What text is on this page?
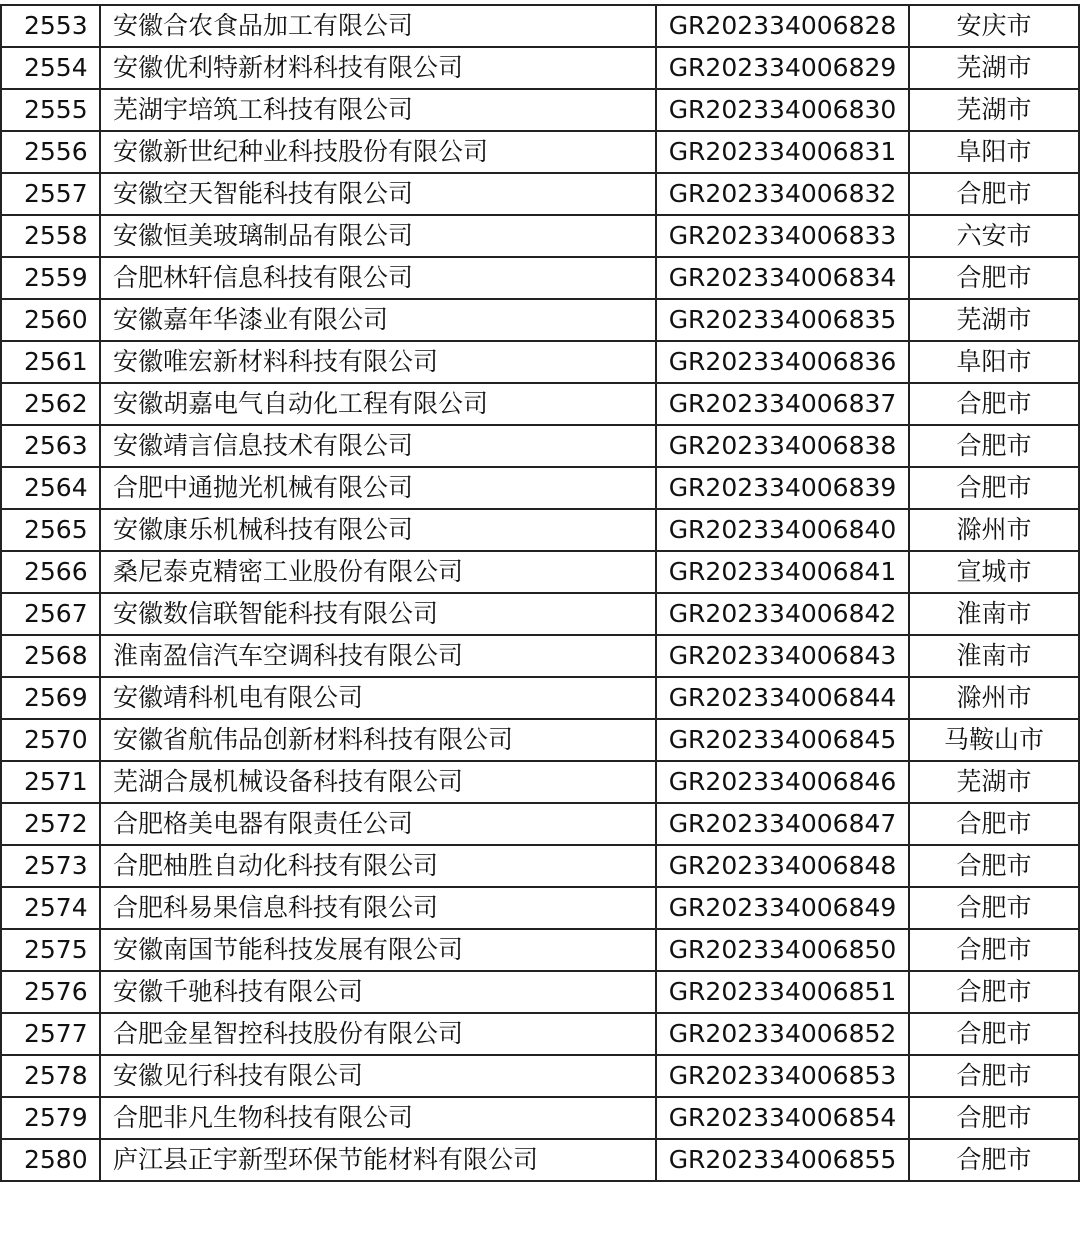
2553	安徽合农食品加工有限公司	GR202334006828	安庆市
2554	安徽优利特新材料科技有限公司	GR202334006829	芜湖市
2555	芜湖宇培筑工科技有限公司	GR202334006830	芜湖市
2556	安徽新世纪种业科技股份有限公司	GR202334006831	阜阳市
2557	安徽空天智能科技有限公司	GR202334006832	合肥市
2558	安徽恒美玻璃制品有限公司	GR202334006833	六安市
2559	合肥林轩信息科技有限公司	GR202334006834	合肥市
2560	安徽嘉年华漆业有限公司	GR202334006835	芜湖市
2561	安徽唯宏新材料科技有限公司	GR202334006836	阜阳市
2562	安徽胡嘉电气自动化工程有限公司	GR202334006837	合肥市
2563	安徽靖言信息技术有限公司	GR202334006838	合肥市
2564	合肥中通抛光机械有限公司	GR202334006839	合肥市
2565	安徽康乐机械科技有限公司	GR202334006840	滁州市
2566	桑尼泰克精密工业股份有限公司	GR202334006841	宣城市
2567	安徽数信联智能科技有限公司	GR202334006842	淮南市
2568	淮南盈信汽车空调科技有限公司	GR202334006843	淮南市
2569	安徽靖科机电有限公司	GR202334006844	滁州市
2570	安徽省航伟品创新材料科技有限公司	GR202334006845	马鞍山市
2571	芜湖合晟机械设备科技有限公司	GR202334006846	芜湖市
2572	合肥格美电器有限责任公司	GR202334006847	合肥市
2573	合肥柚胜自动化科技有限公司	GR202334006848	合肥市
2574	合肥科易果信息科技有限公司	GR202334006849	合肥市
2575	安徽南国节能科技发展有限公司	GR202334006850	合肥市
2576	安徽千驰科技有限公司	GR202334006851	合肥市
2577	合肥金星智控科技股份有限公司	GR202334006852	合肥市
2578	安徽见行科技有限公司	GR202334006853	合肥市
2579	合肥非凡生物科技有限公司	GR202334006854	合肥市
2580	庐江县正宇新型环保节能材料有限公司	GR202334006855	合肥市
